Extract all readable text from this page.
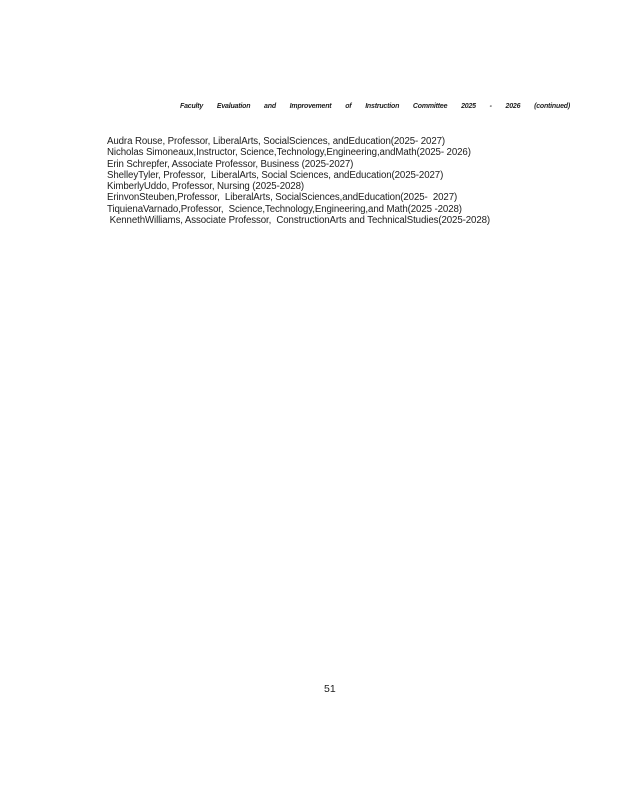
Faculty Evaluation and Improvement of Instruction Committee 2025 - 2026 (continued)
Audra Rouse, Professor, LiberalArts, SocialSciences, andEducation(2025- 2027)
Nicholas Simoneaux,Instructor, Science,Technology,Engineering,andMath(2025- 2026)
Erin Schrepfer, Associate Professor, Business (2025-2027)
ShelleyTyler, Professor,  LiberalArts, Social Sciences, andEducation(2025-2027)
KimberlyUddo, Professor, Nursing (2025-2028)
ErinvonSteuben,Professor,  LiberalArts, SocialSciences,andEducation(2025-  2027)
TiquienaVarnado,Professor,  Science,Technology,Engineering,and Math(2025 -2028)
KennethWilliams, Associate Professor,  ConstructionArts and TechnicalStudies(2025-2028)
51
